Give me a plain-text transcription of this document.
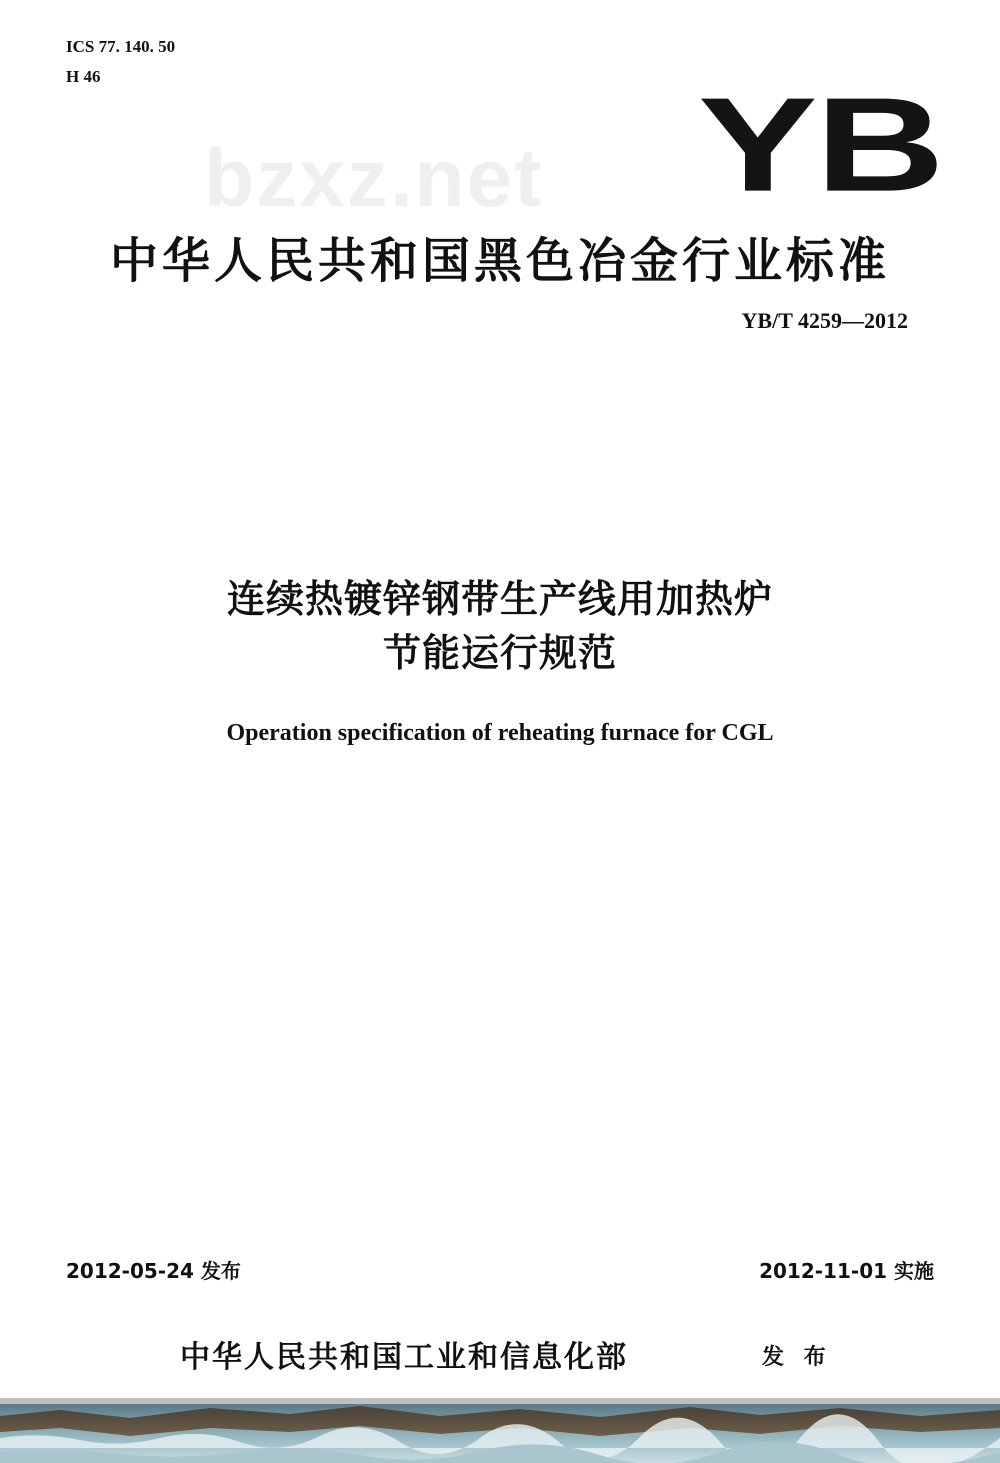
ICS 77. 140. 50
H 46
bzxz.net YB
中华人民共和国黑色冶金行业标准
YB/T 4259—2012
连续热镀锌钢带生产线用加热炉
节能运行规范
Operation specification of reheating furnace for CGL
2012-05-24 发布	2012-11-01 实施
中华人民共和国工业和信息化部	发 布
